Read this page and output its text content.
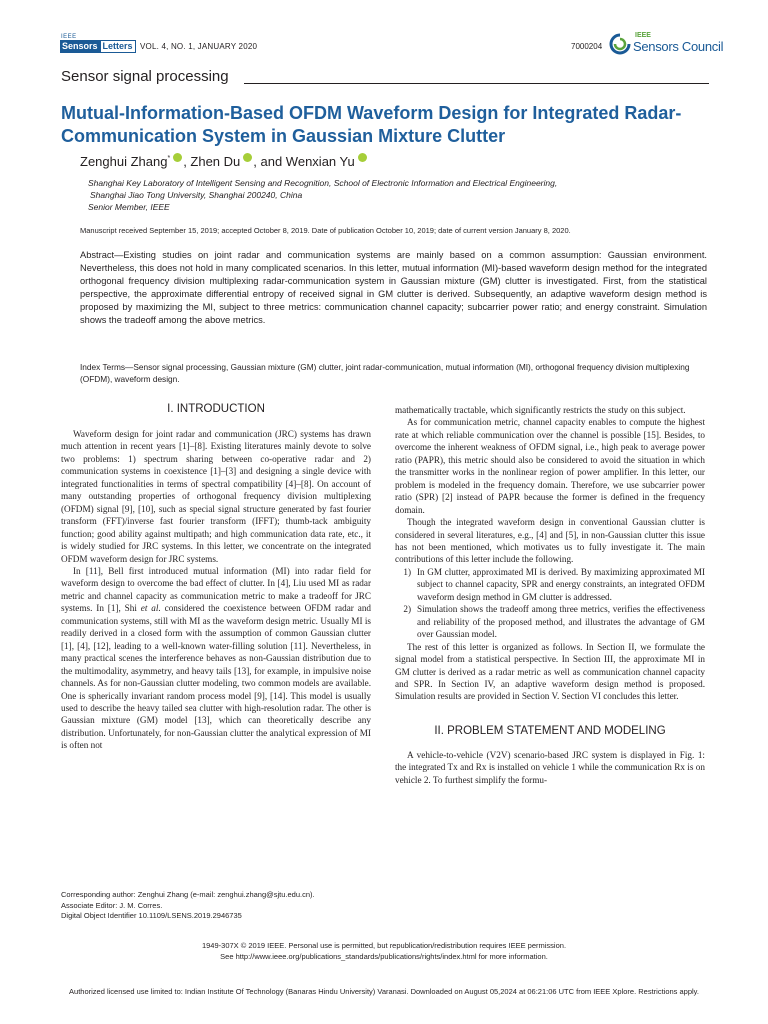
IEEE
Sensors Letters VOL. 4, NO. 1, JANUARY 2020	7000204
IEEE
Sensors Council
Sensor signal processing
Mutual-Information-Based OFDM Waveform Design for Integrated Radar-Communication System in Gaussian Mixture Clutter
Zenghui Zhang* , Zhen Du , and Wenxian Yu
Shanghai Key Laboratory of Intelligent Sensing and Recognition, School of Electronic Information and Electrical Engineering,
Shanghai Jiao Tong University, Shanghai 200240, China
Senior Member, IEEE
Manuscript received September 15, 2019; accepted October 8, 2019. Date of publication October 10, 2019; date of current version January 8, 2020.
Abstract—Existing studies on joint radar and communication systems are mainly based on a common assumption: Gaussian environment. Nevertheless, this does not hold in many complicated scenarios. In this letter, mutual information (MI)-based waveform design method for the integrated orthogonal frequency division multiplexing radar-communication system in Gaussian mixture (GM) clutter is investigated. First, from the statistical perspective, the approximate differential entropy of received signal in GM clutter is derived. Subsequently, an adaptive waveform design method is proposed by maximizing the MI, subject to three metrics: communication channel capacity; subcarrier power ratio; and energy constraint. Simulation shows the tradeoff among the above metrics.
Index Terms—Sensor signal processing, Gaussian mixture (GM) clutter, joint radar-communication, mutual information (MI), orthogonal frequency division multiplexing (OFDM), waveform design.
I. INTRODUCTION

Waveform design for joint radar and communication (JRC) systems has drawn much attention in recent years [1]–[8]. Existing literatures mainly devote to solve two problems: 1) spectrum sharing between co-operative radar and 2) communication systems in coexistence [1]–[3] and designing a single device with integrated functionalities in terms of spectral compatibility [4]–[8]. On account of many outstanding properties of orthogonal frequency division multiplexing (OFDM) signal [9], [10], such as special signal structure generated by fast fourier transform (FFT)/inverse fast fourier transform (IFFT); thumb-tack ambiguity function; good ability against multipath; and high communication data rate, etc., it is widely studied for JRC systems. In this letter, we concentrate on the integrated OFDM waveform design for JRC systems.

In [11], Bell first introduced mutual information (MI) into radar field for waveform design to overcome the bad effect of clutter. In [4], Liu used MI as radar metric and channel capacity as communication metric to make a tradeoff for JRC systems. In [1], Shi et al. considered the coexistence between OFDM radar and communication systems, still with MI as the waveform design metric. Usually MI is readily derived in a closed form with the assumption of common Gaussian clutter [1], [4], [12], leading to a well-known water-filling solution [11]. Nevertheless, in many practical scenes the interference behaves as non-Gaussian distribution due to the multimodality, asymmetry, and heavy tails [13], for example, in impulsive noise channels. As for non-Gaussian clutter modeling, two common models are available. One is spherically invariant random process model [9], [14]. This model is usually used to describe the heavy tailed sea clutter with high-resolution radar. The other is Gaussian mixture (GM) model [13], which can theoretically describe any distribution. Unfortunately, for non-Gaussian clutter the analytical expression of MI is often not

mathematically tractable, which significantly restricts the study on this subject.

As for communication metric, channel capacity enables to compute the highest rate at which reliable communication over the channel is possible [15]. Besides, to overcome the inherent weakness of OFDM signal, i.e., high peak to average power ratio (PAPR), this metric should also be considered to avoid the situation in which the transmitter works in the nonlinear region of power amplifier. In this letter, our problem is modeled in the frequency domain. Therefore, we use subcarrier power ratio (SPR) [2] instead of PAPR because the former is defined in the frequency domain.

Though the integrated waveform design in conventional Gaussian clutter is considered in several literatures, e.g., [4] and [5], in non-Gaussian clutter this issue has not been mentioned, which motivates us to fully investigate it. The main contributions of this letter include the following.

1) In GM clutter, approximated MI is derived. By maximizing approximated MI subject to channel capacity, SPR and energy constraints, an integrated OFDM waveform design method in GM clutter is addressed.
2) Simulation shows the tradeoff among three metrics, verifies the effectiveness and reliability of the proposed method, and illustrates the advantage of GM over Gaussian model.

The rest of this letter is organized as follows. In Section II, we formulate the signal model from a statistical perspective. In Section III, the approximate MI in GM clutter is derived as a radar metric as well as communication channel capacity and SPR. In Section IV, an adaptive waveform design method is proposed. Simulation results are provided in Section V. Section VI concludes this letter.

II. PROBLEM STATEMENT AND MODELING

A vehicle-to-vehicle (V2V) scenario-based JRC system is displayed in Fig. 1: the integrated Tx and Rx is installed on vehicle 1 while the communication Rx is on vehicle 2. To furthest simplify the formu-

Corresponding author: Zenghui Zhang (e-mail: zenghui.zhang@sjtu.edu.cn).
Associate Editor: J. M. Corres.
Digital Object Identifier 10.1109/LSENS.2019.2946735
1949-307X © 2019 IEEE. Personal use is permitted, but republication/redistribution requires IEEE permission.
See http://www.ieee.org/publications_standards/publications/rights/index.html for more information.
Authorized licensed use limited to: Indian Institute Of Technology (Banaras Hindu University) Varanasi. Downloaded on August 05,2024 at 06:21:06 UTC from IEEE Xplore. Restrictions apply.
